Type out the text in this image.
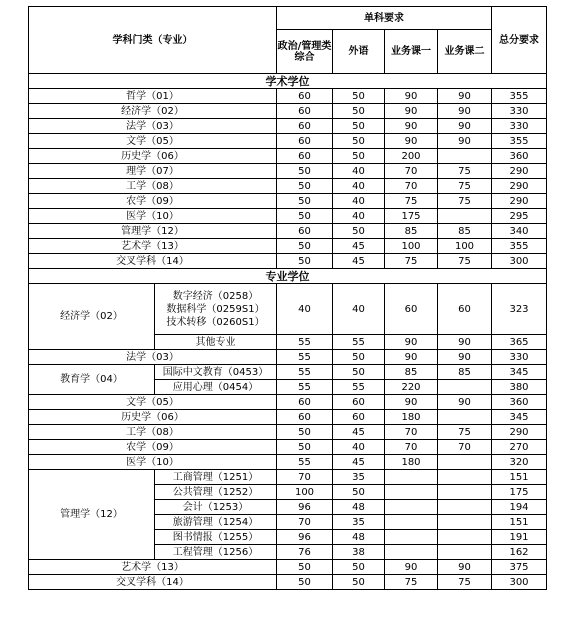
学科门类（专业）		单科要求				总分要求
		政治/管理类综合	外语	业务课一	业务课二	
学术学位						
哲学（01）		60	50	90	90	355
经济学（02）		60	50	90	90	330
法学（03）		60	50	90	90	330
文学（05）		60	50	90	90	355
历史学（06）		60	50	200		360
理学（07）		50	40	70	75	290
工学（08）		50	40	70	75	290
农学（09）		50	40	75	75	290
医学（10）		50	40	175		295
管理学（12）		60	50	85	85	340
艺术学（13）		50	45	100	100	355
交叉学科（14）		50	45	75	75	300
专业学位						
经济学（02）	数字经济（0258）
数据科学（0259S1）
技术转移（0260S1）	40	40	60	60	323
	其他专业	55	55	90	90	365
法学（03）		55	50	90	90	330
教育学（04）	国际中文教育（0453）	55	50	85	85	345
	应用心理（0454）	55	55	220		380
文学（05）		60	60	90	90	360
历史学（06）		60	60	180		345
工学（08）		50	45	70	75	290
农学（09）		50	40	70	70	270
医学（10）		55	45	180		320
管理学（12）	工商管理（1251）	70	35			151
	公共管理（1252）	100	50			175
	会计（1253）	96	48			194
	旅游管理（1254）	70	35			151
	图书情报（1255）	96	48			191
	工程管理（1256）	76	38			162
艺术学（13）		50	50	90	90	375
交叉学科（14）		50	50	75	75	300
